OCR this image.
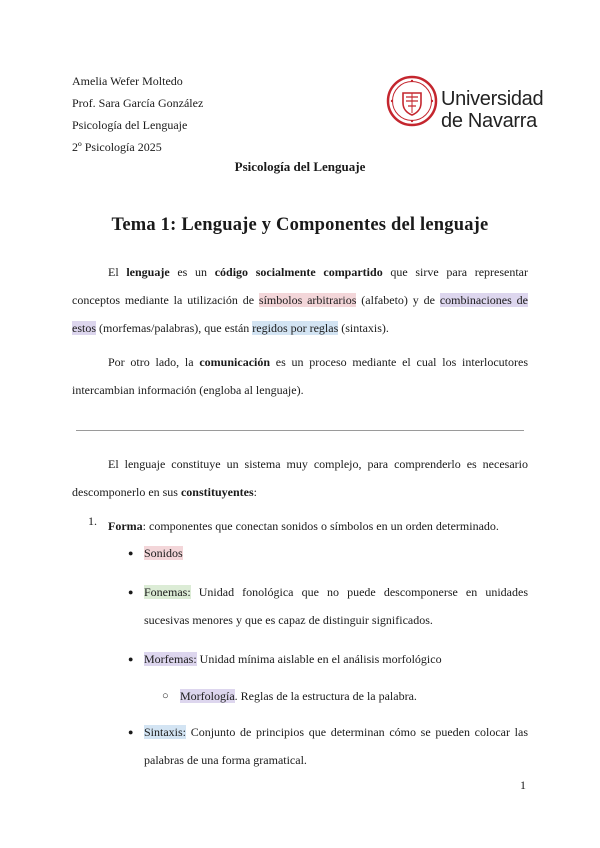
Amelia Wefer Moltedo
Prof. Sara García González
Psicología del Lenguaje
2º Psicología 2025
Universidad
de Navarra
Psicología del Lenguaje
Tema 1: Lenguaje y Componentes del lenguaje
El lenguaje es un código socialmente compartido que sirve para representar conceptos mediante la utilización de símbolos arbitrarios (alfabeto) y de combinaciones de estos (morfemas/palabras), que están regidos por reglas (sintaxis).
Por otro lado, la comunicación es un proceso mediante el cual los interlocutores intercambian información (engloba al lenguaje).
El lenguaje constituye un sistema muy complejo, para comprenderlo es necesario descomponerlo en sus constituyentes:
1. Forma: componentes que conectan sonidos o símbolos en un orden determinado.
● Sonidos
● Fonemas: Unidad fonológica que no puede descomponerse en unidades sucesivas menores y que es capaz de distinguir significados.
● Morfemas: Unidad mínima aislable en el análisis morfológico
○ Morfología. Reglas de la estructura de la palabra.
● Sintaxis: Conjunto de principios que determinan cómo se pueden colocar las palabras de una forma gramatical.
1
